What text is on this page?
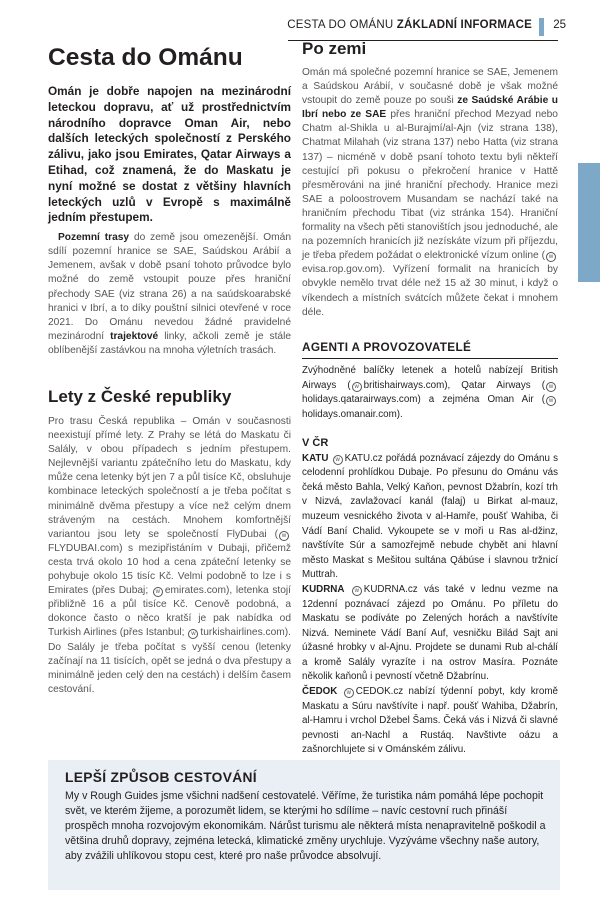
CESTA DO OMÁNU ZÁKLADNÍ INFORMACE 25
Cesta do Ománu

Omán je dobře napojen na mezinárodní leteckou dopravu, ať už prostřednictvím národního dopravce Oman Air, nebo dalších leteckých společností z Perského zálivu, jako jsou Emirates, Qatar Airways a Etihad, což znamená, že do Maskatu je nyní možné se dostat z většiny hlavních leteckých uzlů v Evropě s maximálně jedním přestupem.

Pozemní trasy do země jsou omezenější. Omán sdílí pozemní hranice se SAE, Saúdskou Arábií a Jemenem, avšak v době psaní tohoto průvodce bylo možné do země vstoupit pouze přes hraniční přechody SAE (viz strana 26) a na saúdskoarabské hranici v Ibrí, a to díky pouštní silnici otevřené v roce 2021. Do Ománu nevedou žádné pravidelné mezinárodní trajektové linky, ačkoli země je stále oblíbenější zastávkou na mnoha výletních trasách.

Lety z České republiky

Pro trasu Česká republika – Omán v současnosti neexistují přímé lety. Z Prahy se létá do Maskatu či Salály, v obou případech s jedním přestupem. Nejlevnější variantu zpátečního letu do Maskatu, kdy může cena letenky být jen 7 a půl tisíce Kč, obsluhuje kombinace leteckých společností a je třeba počítat s minimálně dvěma přestupy a více než celým dnem stráveným na cestách. Mnohem komfortnější variantou jsou lety se společností FlyDubai ( wFLYDUBAI.com) s mezipřistáním v Dubaji, přičemž cesta trvá okolo 10 hod a cena zpáteční letenky se pohybuje okolo 15 tisíc Kč. Velmi podobně to lze i s Emirates (přes Dubaj; w emirates.com), letenka stojí přibližně 16 a půl tisíce Kč. Cenově podobná, a dokonce často o něco kratší je pak nabídka od Turkish Airlines (přes Istanbul; w turkishairlines.com). Do Salály je třeba počítat s vyšší cenou (letenky začínají na 11 tisících, opět se jedná o dva přestupy a minimálně jeden celý den na cestách) i delším časem cestování.

Po zemi

Omán má společné pozemní hranice se SAE, Jemenem a Saúdskou Arábií, v současné době je však možné vstoupit do země pouze po souši ze Saúdské Arábie u Ibrí nebo ze SAE přes hraniční přechod Mezyad nebo Chatm al-Shikla u al-Burajmí/al-Ajn (viz strana 138), Chatmat Milahah (viz strana 137) nebo Hatta (viz strana 137) – nicméně v době psaní tohoto textu byli někteří cestující při pokusu o překročení hranice v Hattě přesměrováni na jiné hraniční přechody. Hranice mezi SAE a poloostrovem Musandam se nachází také na hraničním přechodu Tibat (viz stránka 154). Hraniční formality na všech pěti stanovištích jsou jednoduché, ale na pozemních hranicích již nezískáte vízum při příjezdu, je třeba předem požádat o elektronické vízum online ( wevisa.rop.gov.om). Vyřízení formalit na hranicích by obvykle nemělo trvat déle než 15 až 30 minut, i když o víkendech a místních svátcích můžete čekat i mnohem déle.

AGENTI A PROVOZOVATELÉ

Zvýhodněné balíčky letenek a hotelů nabízejí British Airways ( w britishairways.com), Qatar Airways ( wholidays.qatarairways.com) a zejména Oman Air ( wholidays.omanair.com).

V ČR

KATU w KATU.cz pořádá poznávací zájezdy do Ománu s celodenní prohlídkou Dubaje. Po přesunu do Ománu vás čeká město Bahla, Velký Kaňon, pevnost Džabrín, kozí trh v Nizvá, zavlažovací kanál (falaj) u Birkat al-mauz, muzeum vesnického života v al-Hamře, poušť Wahiba, či Vádí Baní Chalid. Vykoupete se v moři u Ras al-džinz, navštívíte Súr a samozřejmě nebude chybět ani hlavní město Maskat s Mešitou sultána Qábúse i slavnou tržnicí Muttrah.

KUDRNA w KUDRNA.cz vás také v lednu vezme na 12denní poznávací zájezd po Ománu. Po příletu do Maskatu se podíváte po Zelených horách a navštívíte Nizvá. Neminete Vádí Baní Auf, vesničku Bilád Sajt ani úžasné hrobky v al-Ajnu. Projdete se dunami Rub al-chálí a kromě Salály vyrazíte i na ostrov Masíra. Poznáte několik kaňonů i pevností včetně Džabrínu.

ČEDOK w CEDOK.cz nabízí týdenní pobyt, kdy kromě Maskatu a Súru navštívíte i např. poušť Wahiba, Džabrín, al-Hamru i vrchol Džebel Šams. Čeká vás i Nizvá či slavné pevnosti an-Nachl a Rustáq. Navštivte oázu a zašnorchlujete si v Ománském zálivu.

LEPŠÍ ZPŮSOB CESTOVÁNÍ

My v Rough Guides jsme všichni nadšení cestovatelé. Věříme, že turistika nám pomáhá lépe pochopit svět, ve kterém žijeme, a porozumět lidem, se kterými ho sdílíme – navíc cestovní ruch přináší prospěch mnoha rozvojovým ekonomikám. Nárůst turismu ale některá místa nenapravitelně poškodil a většina druhů dopravy, zejména letecká, klimatické změny urychluje. Vyzýváme všechny naše autory, aby zvážili uhlíkovou stopu cest, které pro naše průvodce absolvují.
